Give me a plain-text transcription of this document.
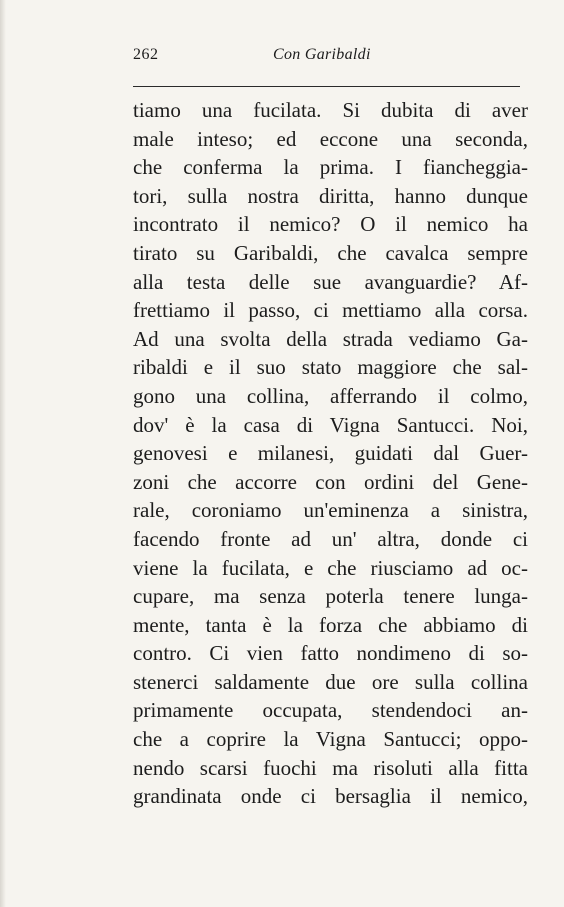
262	Con Garibaldi
tiamo una fucilata. Si dubita di aver
male inteso; ed eccone una seconda,
che conferma la prima. I fiancheggia-
tori, sulla nostra diritta, hanno dunque
incontrato il nemico? O il nemico ha
tirato su Garibaldi, che cavalca sempre
alla testa delle sue avanguardie? Af-
frettiamo il passo, ci mettiamo alla corsa.
Ad una svolta della strada vediamo Ga-
ribaldi e il suo stato maggiore che sal-
gono una collina, afferrando il colmo,
dov' è la casa di Vigna Santucci. Noi,
genovesi e milanesi, guidati dal Guer-
zoni che accorre con ordini del Gene-
rale, coroniamo un'eminenza a sinistra,
facendo fronte ad un' altra, donde ci
viene la fucilata, e che riusciamo ad oc-
cupare, ma senza poterla tenere lunga-
mente, tanta è la forza che abbiamo di
contro. Ci vien fatto nondimeno di so-
stenerci saldamente due ore sulla collina
primamente occupata, stendendoci an-
che a coprire la Vigna Santucci; oppo-
nendo scarsi fuochi ma risoluti alla fitta
grandinata onde ci bersaglia il nemico,
